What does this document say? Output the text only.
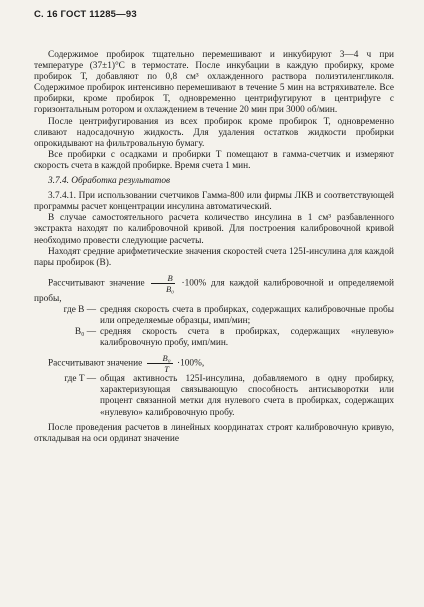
С. 16 ГОСТ 11285—93

Содержимое пробирок тщательно перемешивают и инкубируют 3—4 ч при температуре (37±1)°С в термостате. После инкубации в каждую пробирку, кроме пробирок Т, добавляют по 0,8 см³ охлажденного раствора полиэтиленгликоля. Содержимое пробирок интенсивно перемешивают в течение 5 мин на встряхивателе. Все пробирки, кроме пробирок Т, одновременно центрифугируют в центрифуге с горизонтальным ротором и охлаждением в течение 20 мин при 3000 об/мин.

После центрифугирования из всех пробирок кроме пробирок Т, одновременно сливают надосадочную жидкость. Для удаления остатков жидкости пробирки опрокидывают на фильтровальную бумагу.

Все пробирки с осадками и пробирки Т помещают в гамма-счетчик и измеряют скорость счета в каждой пробирке. Время счета 1 мин.

3.7.4. Обработка результатов

3.7.4.1. При использовании счетчиков Гамма-800 или фирмы ЛКВ и соответствующей программы расчет концентрации инсулина автоматический.

В случае самостоятельного расчета количество инсулина в 1 см³ разбавленного экстракта находят по калибровочной кривой. Для построения калибровочной кривой необходимо провести следующие расчеты.

Находят средние арифметические значения скоростей счета 125I-инсулина для каждой пары пробирок (B).

Рассчитывают значение $\frac{B}{\text{B₀}} \cdot 100\%$ для каждой калибровочной и определяемой пробы,

где B — средняя скорость счета в пробирках, содержащих калибровочные пробы или определяемые образцы, имп/мин;
B₀ — средняя скорость счета в пробирках, содержащих «нулевую» калибровочную пробу, имп/мин.

Рассчитывают значение $\frac{\text{B₀}}{T} \cdot 100\%$,

где T — общая активность 125I-инсулина, добавляемого в одну пробирку, характеризующая связывающую способность антисыворотки или процент связанной метки для нулевого счета в пробирках, содержащих «нулевую» калибровочную пробу.

После проведения расчетов в линейных координатах строят калибровочную кривую, откладывая на оси ординат значение
